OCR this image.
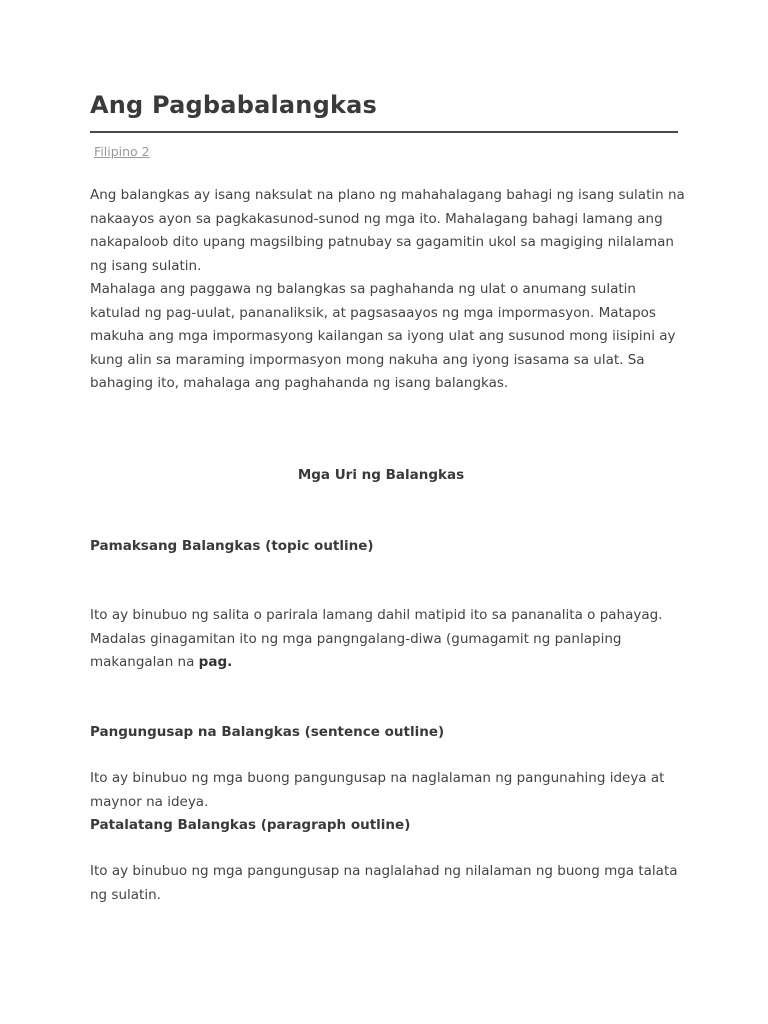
Ang Pagbabalangkas
Filipino 2

Ang balangkas ay isang naksulat na plano ng mahahalagang bahagi ng isang sulatin na nakaayos ayon sa pagkakasunod-sunod ng mga ito. Mahalagang bahagi lamang ang nakapaloob dito upang magsilbing patnubay sa gagamitin ukol sa magiging nilalaman ng isang sulatin.

Mahalaga ang paggawa ng balangkas sa paghahanda ng ulat o anumang sulatin katulad ng pag-uulat, pananaliksik, at pagsasaayos ng mga impormasyon. Matapos makuha ang mga impormasyong kailangan sa iyong ulat ang susunod mong iisipini ay kung alin sa maraming impormasyon mong nakuha ang iyong isasama sa ulat. Sa bahaging ito, mahalaga ang paghahanda ng isang balangkas.

Mga Uri ng Balangkas
Pamaksang Balangkas (topic outline)

Ito ay binubuo ng salita o parirala lamang dahil matipid ito sa pananalita o pahayag. Madalas ginagamitan ito ng mga pangngalang-diwa (gumagamit ng panlaping makangalan na pag.

Pangungusap na Balangkas (sentence outline)

Ito ay binubuo ng mga buong pangungusap na naglalaman ng pangunahing ideya at maynor na ideya.

Patalatang Balangkas (paragraph outline)

Ito ay binubuo ng mga pangungusap na naglalahad ng nilalaman ng buong mga talata ng sulatin.
